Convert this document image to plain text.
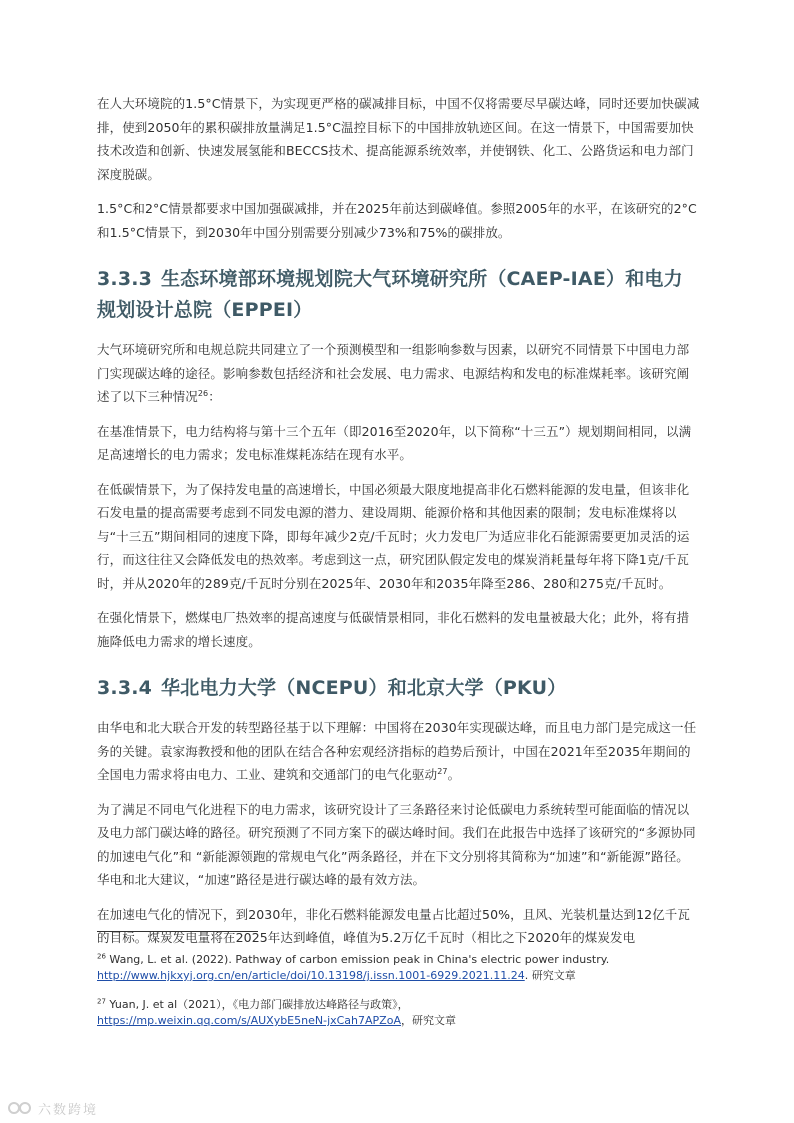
在人大环境院的1.5°C情景下，为实现更严格的碳减排目标，中国不仅将需要尽早碳达峰，同时还要加快碳减排，使到2050年的累积碳排放量满足1.5°C温控目标下的中国排放轨迹区间。在这一情景下，中国需要加快技术改造和创新、快速发展氢能和BECCS技术、提高能源系统效率，并使钢铁、化工、公路货运和电力部门深度脱碳。

1.5°C和2°C情景都要求中国加强碳减排，并在2025年前达到碳峰值。参照2005年的水平，在该研究的2°C和1.5°C情景下，到2030年中国分别需要分别减少73%和75%的碳排放。

3.3.3 生态环境部环境规划院大气环境研究所（CAEP-IAE）和电力规划设计总院（EPPEI）

大气环境研究所和电规总院共同建立了一个预测模型和一组影响参数与因素，以研究不同情景下中国电力部门实现碳达峰的途径。影响参数包括经济和社会发展、电力需求、电源结构和发电的标准煤耗率。该研究阐述了以下三种情况$^{26}$：

在基准情景下，电力结构将与第十三个五年（即2016至2020年，以下简称“十三五”）规划期间相同，以满足高速增长的电力需求；发电标准煤耗冻结在现有水平。

在低碳情景下，为了保持发电量的高速增长，中国必须最大限度地提高非化石燃料能源的发电量，但该非化石发电量的提高需要考虑到不同发电源的潜力、建设周期、能源价格和其他因素的限制；发电标准煤将以与“十三五”期间相同的速度下降，即每年减少2克/千瓦时；火力发电厂为适应非化石能源需要更加灵活的运行，而这往往又会降低发电的热效率。考虑到这一点，研究团队假定发电的煤炭消耗量每年将下降1克/千瓦时，并从2020年的289克/千瓦时分别在2025年、2030年和2035年降至286、280和275克/千瓦时。

在强化情景下，燃煤电厂热效率的提高速度与低碳情景相同，非化石燃料的发电量被最大化；此外，将有措施降低电力需求的增长速度。

3.3.4 华北电力大学（NCEPU）和北京大学（PKU）

由华电和北大联合开发的转型路径基于以下理解：中国将在2030年实现碳达峰，而且电力部门是完成这一任务的关键。袁家海教授和他的团队在结合各种宏观经济指标的趋势后预计，中国在2021年至2035年期间的全国电力需求将由电力、工业、建筑和交通部门的电气化驱动$^{27}$。

为了满足不同电气化进程下的电力需求，该研究设计了三条路径来讨论低碳电力系统转型可能面临的情况以及电力部门碳达峰的路径。研究预测了不同方案下的碳达峰时间。我们在此报告中选择了该研究的“多源协同的加速电气化”和 “新能源领跑的常规电气化”两条路径，并在下文分别将其简称为“加速”和“新能源”路径。华电和北大建议，“加速”路径是进行碳达峰的最有效方法。

在加速电气化的情况下，到2030年，非化石燃料能源发电量占比超过50%，且风、光装机量达到12亿千瓦的目标。煤炭发电量将在2025年达到峰值，峰值为5.2万亿千瓦时（相比之下2020年的煤炭发电

$^{26}$ Wang, L. et al. (2022). Pathway of carbon emission peak in China's electric power industry.
http://www.hjkxyj.org.cn/en/article/doi/10.13198/j.issn.1001-6929.2021.11.24. 研究文章
$^{27}$ Yuan, J. et al（2021），《电力部门碳排放达峰路径与政策》，
https://mp.weixin.qq.com/s/AUXybE5neN-jxCah7APZoA，研究文章
六数跨境
